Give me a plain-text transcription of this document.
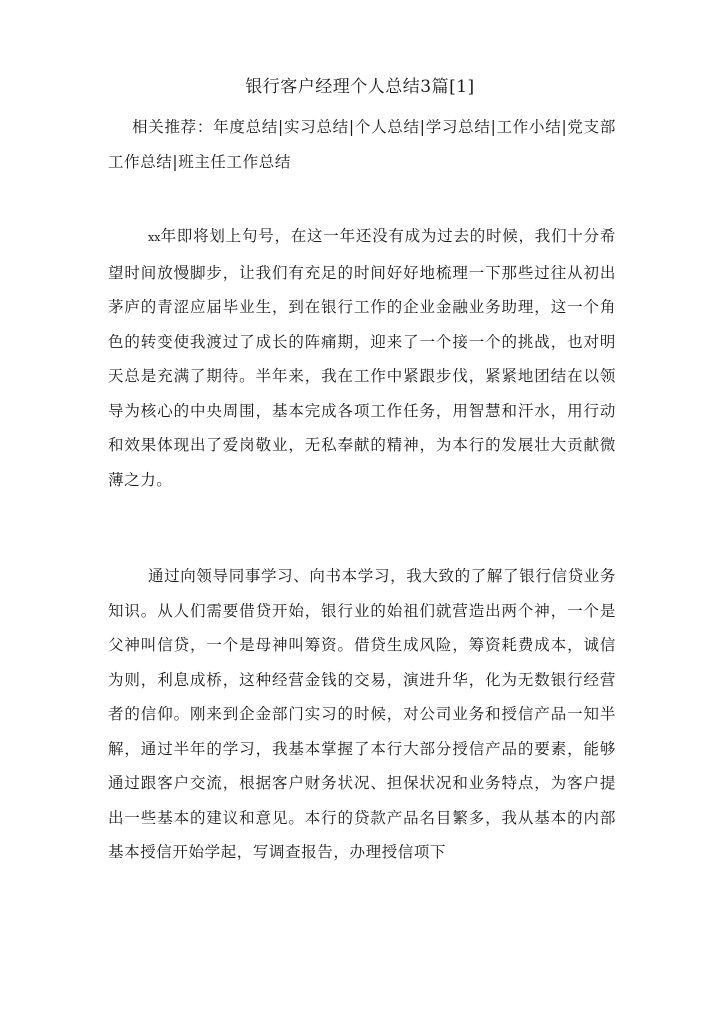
银行客户经理个人总结3篇[1]
相关推荐：年度总结|实习总结|个人总结|学习总结|工作小结|党支部工作总结|班主任工作总结
xx年即将划上句号，在这一年还没有成为过去的时候，我们十分希望时间放慢脚步，让我们有充足的时间好好地梳理一下那些过往从初出茅庐的青涩应届毕业生，到在银行工作的企业金融业务助理，这一个角色的转变使我渡过了成长的阵痛期，迎来了一个接一个的挑战，也对明天总是充满了期待。半年来，我在工作中紧跟步伐，紧紧地团结在以领导为核心的中央周围，基本完成各项工作任务，用智慧和汗水，用行动和效果体现出了爱岗敬业，无私奉献的精神，为本行的发展壮大贡献微薄之力。
通过向领导同事学习、向书本学习，我大致的了解了银行信贷业务知识。从人们需要借贷开始，银行业的始祖们就营造出两个神，一个是父神叫信贷，一个是母神叫筹资。借贷生成风险，筹资耗费成本，诚信为则，利息成桥，这种经营金钱的交易，演进升华，化为无数银行经营者的信仰。刚来到企金部门实习的时候，对公司业务和授信产品一知半解，通过半年的学习，我基本掌握了本行大部分授信产品的要素，能够通过跟客户交流，根据客户财务状况、担保状况和业务特点，为客户提出一些基本的建议和意见。本行的贷款产品名目繁多，我从基本的内部基本授信开始学起，写调查报告，办理授信项下
